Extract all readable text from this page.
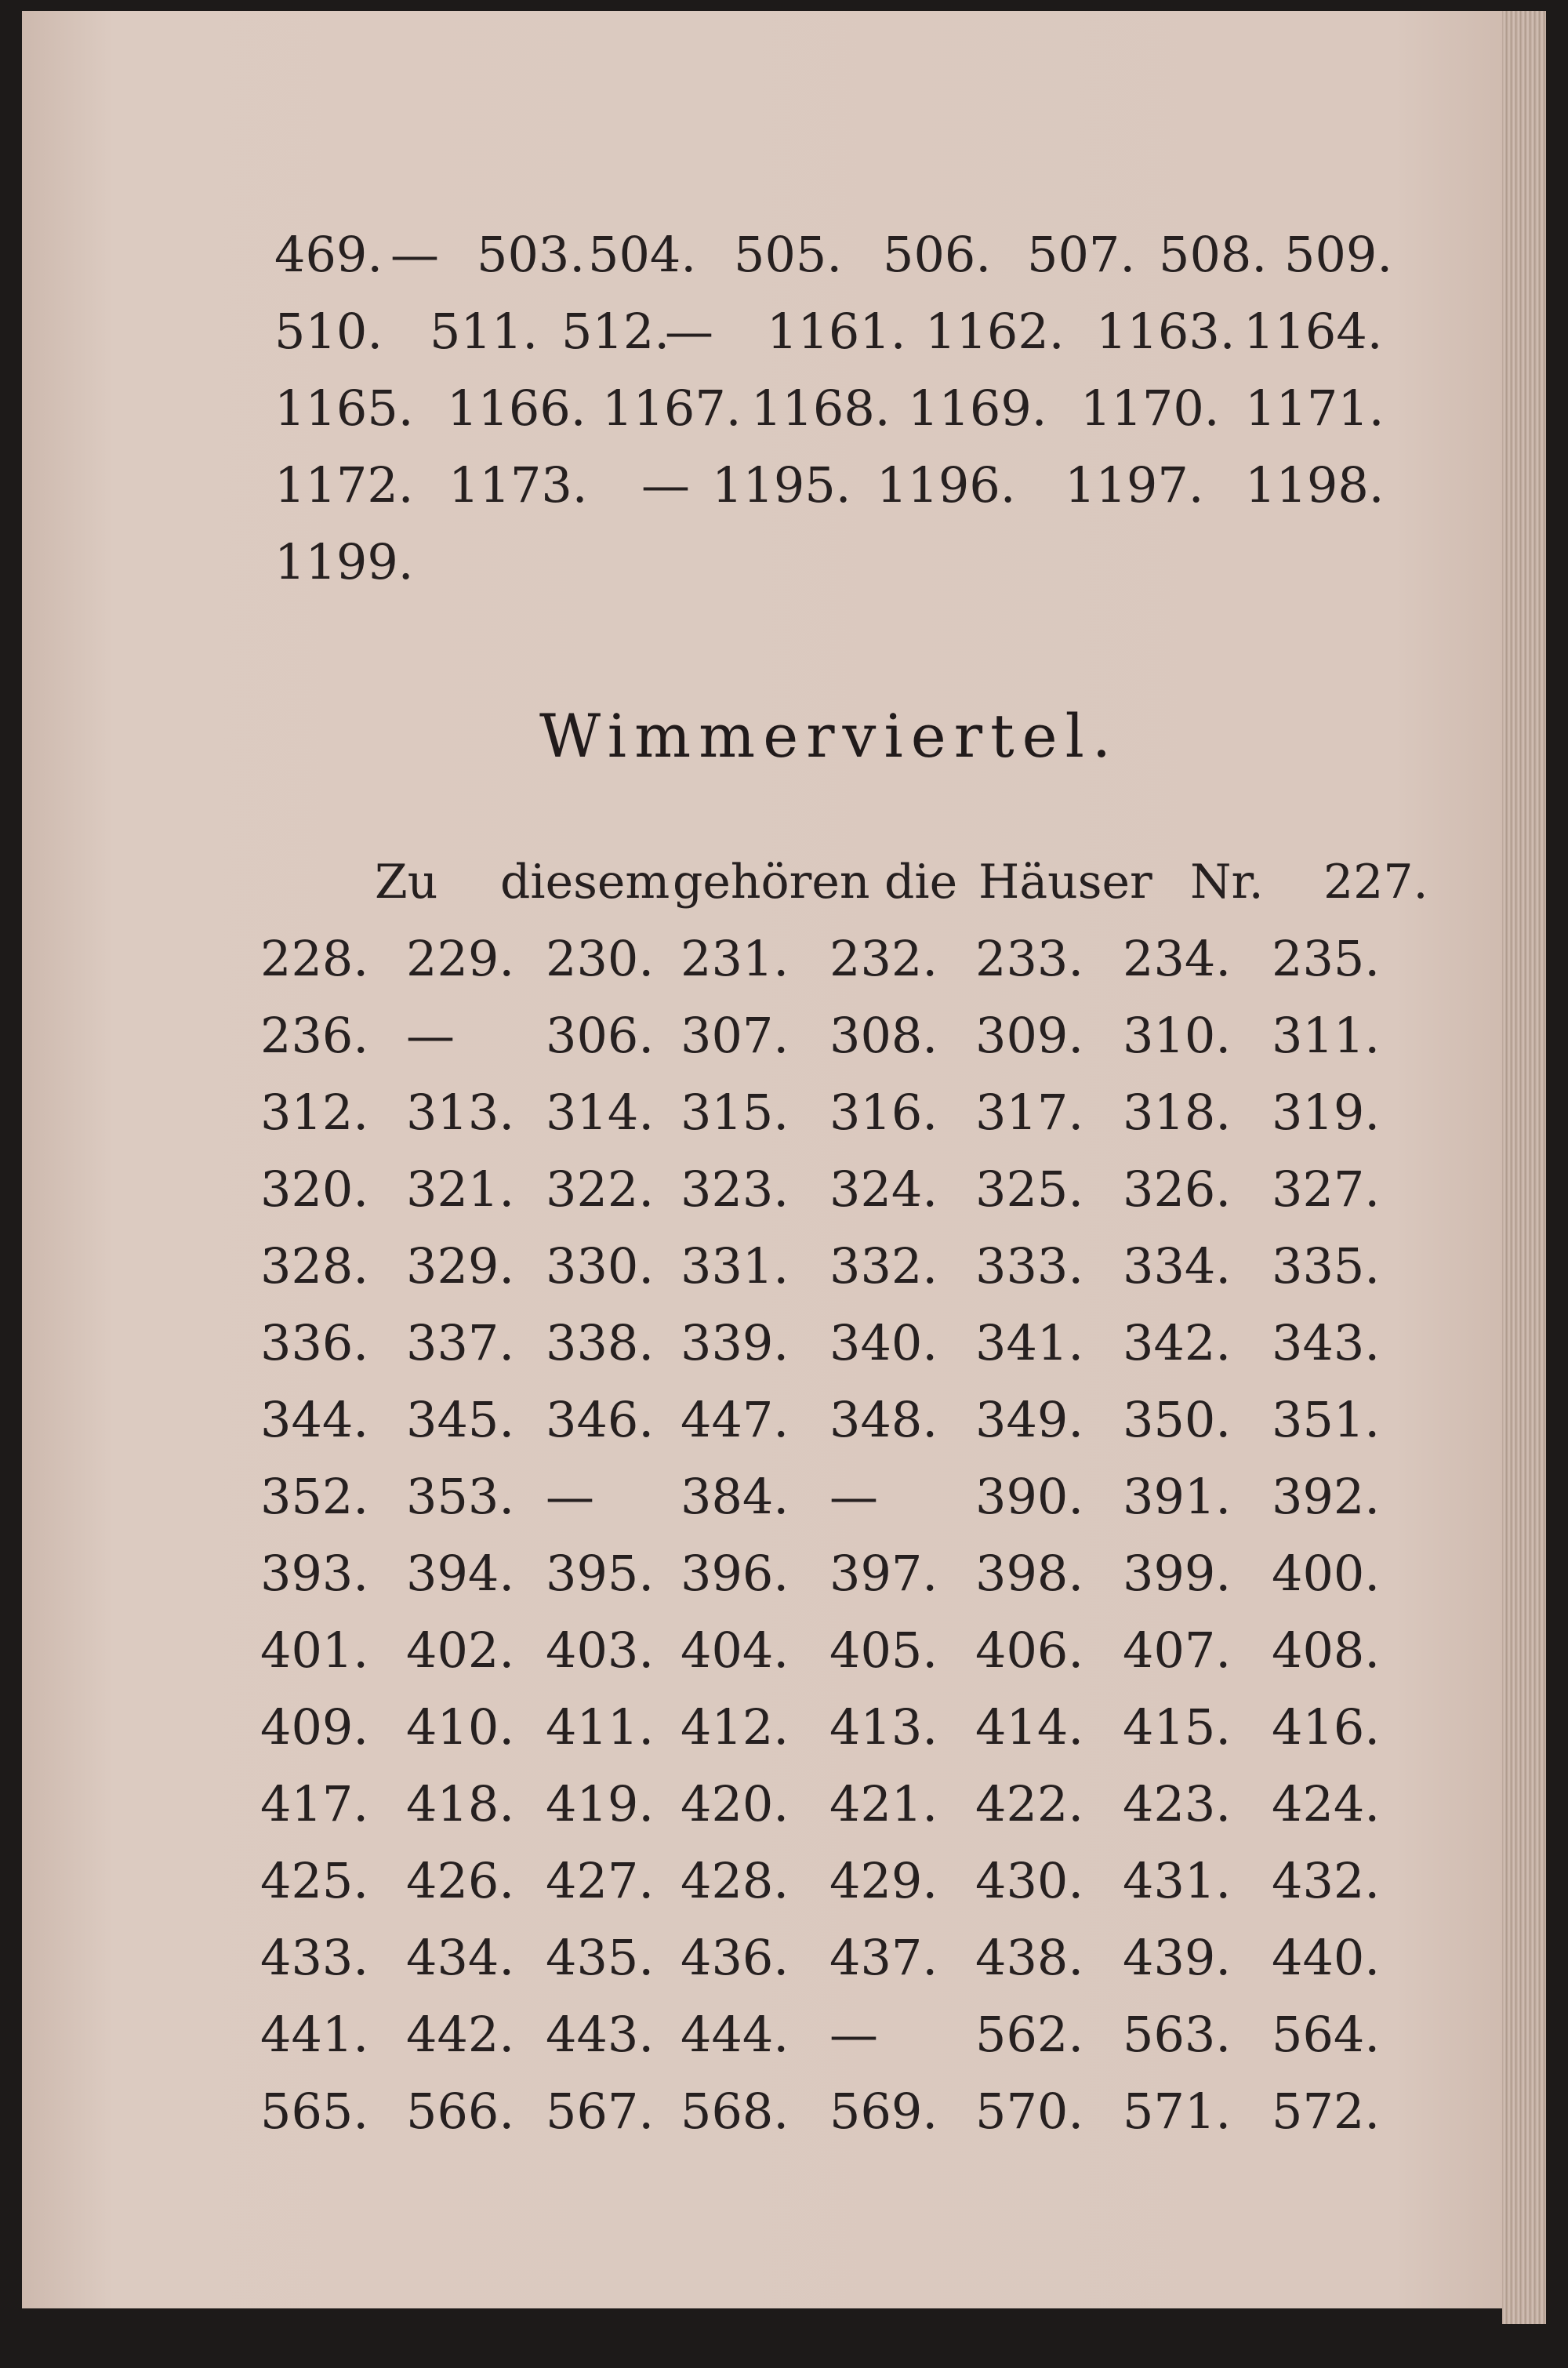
469. — 503. 504. 505. 506. 507. 508. 509.
510. 511. 512.
— 1161. 1162. 1163. 1164.
1165. 1166. 1167. 1168. 1169. 1170. 1171.
1172. 1173. — 1195. 1196. 1197. 1198.
1199.
Wimmerviertel.
Zu diesem gehören die Häuser Nr. 227.
228. 229. 230. 231. 232. 233. 234. 235.
236. — 306. 307. 308. 309. 310. 311.
312. 313. 314. 315. 316. 317. 318. 319.
320. 321. 322. 323. 324. 325. 326. 327.
328. 329. 330. 331. 332. 333. 334. 335.
336. 337. 338. 339. 340. 341. 342. 343.
344. 345. 346. 447. 348. 349. 350. 351.
352. 353. — 384. — 390. 391. 392.
393. 394. 395. 396. 397. 398. 399. 400.
401. 402. 403. 404. 405. 406. 407. 408.
409. 410. 411. 412. 413. 414. 415. 416.
417. 418. 419. 420. 421. 422. 423. 424.
425. 426. 427. 428. 429. 430. 431. 432.
433. 434. 435. 436. 437. 438. 439. 440.
441. 442. 443. 444. — 562. 563. 564.
565. 566. 567. 568. 569. 570. 571. 572.
